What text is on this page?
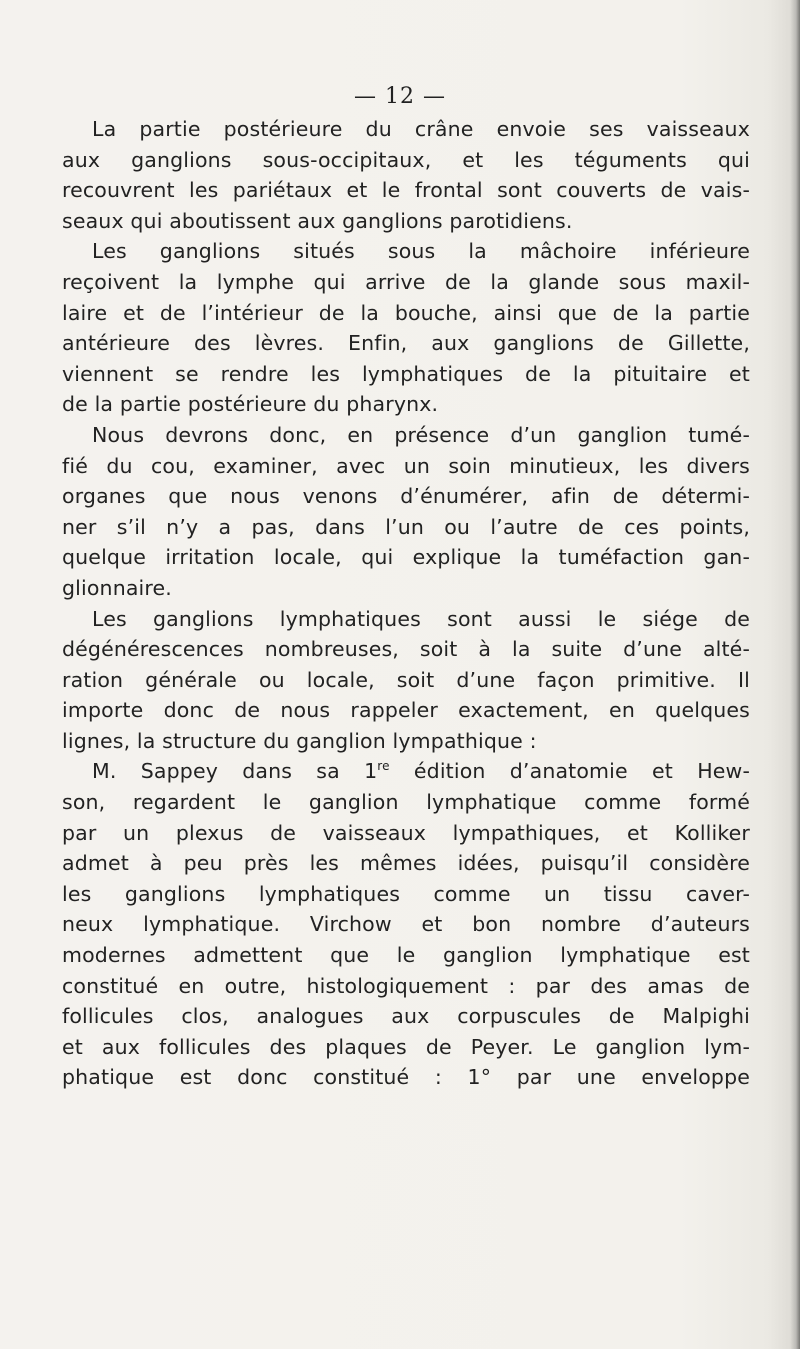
— 12 —
La partie postérieure du crâne envoie ses vaisseaux
aux ganglions sous-occipitaux, et les téguments qui
recouvrent les pariétaux et le frontal sont couverts de vais-
seaux qui aboutissent aux ganglions parotidiens.
Les ganglions situés sous la mâchoire inférieure
reçoivent la lymphe qui arrive de la glande sous maxil-
laire et de l’intérieur de la bouche, ainsi que de la partie
antérieure des lèvres. Enfin, aux ganglions de Gillette,
viennent se rendre les lymphatiques de la pituitaire et
de la partie postérieure du pharynx.
Nous devrons donc, en présence d’un ganglion tumé-
fié du cou, examiner, avec un soin minutieux, les divers
organes que nous venons d’énumérer, afin de détermi-
ner s’il n’y a pas, dans l’un ou l’autre de ces points,
quelque irritation locale, qui explique la tuméfaction gan-
glionnaire.
Les ganglions lymphatiques sont aussi le siége de
dégénérescences nombreuses, soit à la suite d’une alté-
ration générale ou locale, soit d’une façon primitive. Il
importe donc de nous rappeler exactement, en quelques
lignes, la structure du ganglion lympathique :
M. Sappey dans sa 1re édition d’anatomie et Hew-
son, regardent le ganglion lymphatique comme formé
par un plexus de vaisseaux lympathiques, et Kolliker
admet à peu près les mêmes idées, puisqu’il considère
les ganglions lymphatiques comme un tissu caver-
neux lymphatique. Virchow et bon nombre d’auteurs
modernes admettent que le ganglion lymphatique est
constitué en outre, histologiquement : par des amas de
follicules clos, analogues aux corpuscules de Malpighi
et aux follicules des plaques de Peyer. Le ganglion lym-
phatique est donc constitué : 1° par une enveloppe
